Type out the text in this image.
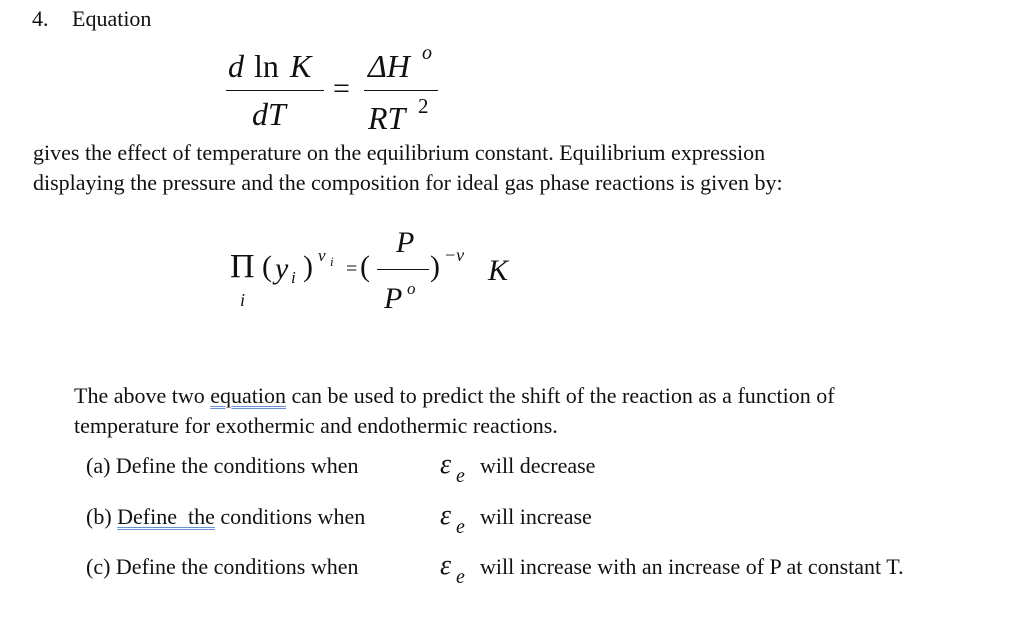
4. Equation
d ln K
dT
=
ΔH o
RT 2
gives the effect of temperature on the equilibrium constant. Equilibrium expression
displaying the pressure and the composition for ideal gas phase reactions is given by:
Π
i
( y i ) ν i = (
P
P o
) −ν K
The above two equation can be used to predict the shift of the reaction as a function of
temperature for exothermic and endothermic reactions.
(a) Define the conditions when	ε e will decrease
(b) Define  the conditions when	ε e will increase
(c) Define the conditions when	ε e will increase with an increase of P at constant T.
